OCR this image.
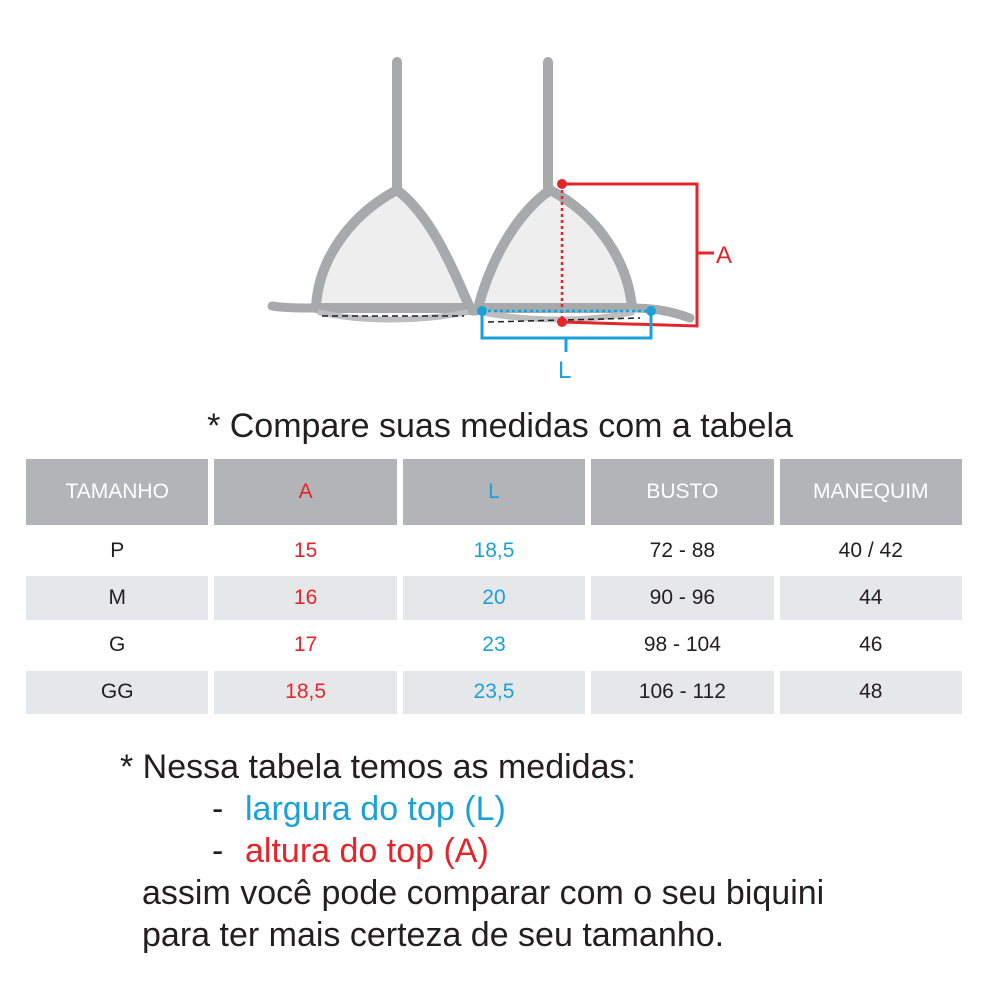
A
L
* Compare suas medidas com a tabela
TAMANHO	A	L	BUSTO	MANEQUIM
P	15	18,5	72 - 88	40 / 42
M	16	20	90 - 96	44
G	17	23	98 - 104	46
GG	18,5	23,5	106 - 112	48
* Nessa tabela temos as medidas:
- largura do top (L)
- altura do top (A)
assim você pode comparar com o seu biquini
para ter mais certeza de seu tamanho.
